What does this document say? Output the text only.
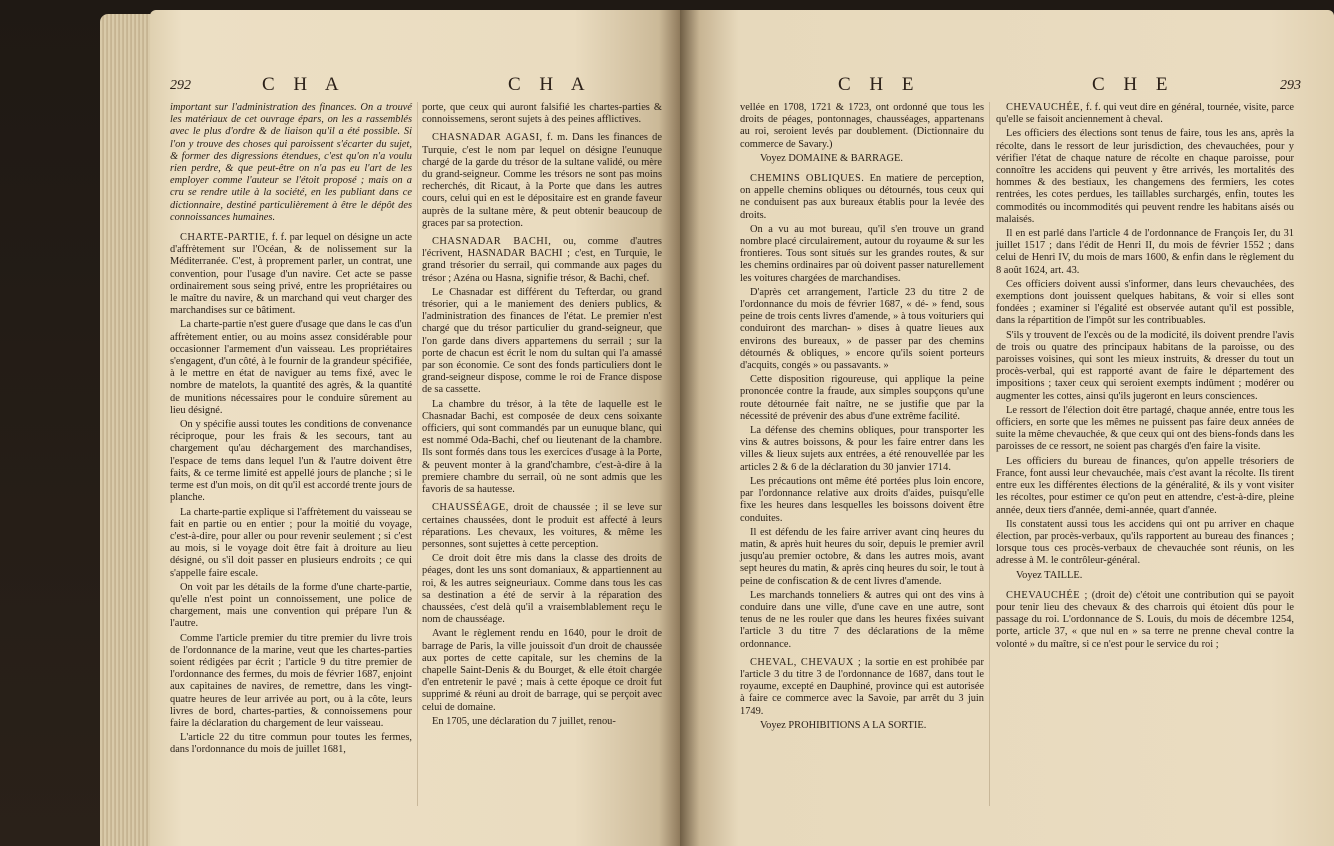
292	C H A	C H A

important sur l'administration des finances. On a trouvé les matériaux de cet ouvrage épars, on les a rassemblés avec le plus d'ordre & de liaison qu'il a été possible. Si l'on y trouve des choses qui paroissent s'écarter du sujet, & former des digressions étendues, c'est qu'on n'a voulu rien perdre, & que peut-être on n'a pas eu l'art de les employer comme l'auteur se l'étoit proposé ; mais on a cru se rendre utile à la société, en les publiant dans ce dictionnaire, destiné particulièrement à être le dépôt des connoissances humaines.

CHARTE-PARTIE, f. f. par lequel on désigne un acte d'affrètement sur l'Océan, & de nolissement sur la Méditerranée. C'est, à proprement parler, un contrat, une convention, pour l'usage d'un navire. Cet acte se passe ordinairement sous seing privé, entre les propriétaires ou le maître du navire, & un marchand qui veut charger des marchandises sur ce bâtiment.

La charte-partie n'est guere d'usage que dans le cas d'un affrètement entier, ou au moins assez considérable pour occasionner l'armement d'un vaisseau. Les propriétaires s'engagent, d'un côté, à le fournir de la grandeur spécifiée, à le mettre en état de naviguer au tems fixé, avec le nombre de matelots, la quantité des agrès, & la quantité de munitions nécessaires pour le conduire sûrement au lieu désigné.

On y spécifie aussi toutes les conditions de convenance réciproque, pour les frais & les secours, tant au chargement qu'au déchargement des marchandises, l'espace de tems dans lequel l'un & l'autre doivent être faits, & ce terme limité est appellé jours de planche ; si le terme est d'un mois, on dit qu'il est accordé trente jours de planche.

La charte-partie explique si l'affrètement du vaisseau se fait en partie ou en entier ; pour la moitié du voyage, c'est-à-dire, pour aller ou pour revenir seulement ; si c'est au mois, si le voyage doit être fait à droiture au lieu désigné, ou s'il doit passer en plusieurs endroits ; ce qui s'appelle faire escale.

On voit par les détails de la forme d'une charte-partie, qu'elle n'est point un connoissement, une police de chargement, mais une convention qui prépare l'un & l'autre.

Comme l'article premier du titre premier du livre trois de l'ordonnance de la marine, veut que les chartes-parties soient rédigées par écrit ; l'article 9 du titre premier de l'ordonnance des fermes, du mois de février 1687, enjoint aux capitaines de navires, de remettre, dans les vingt-quatre heures de leur arrivée au port, ou à la côte, leurs livres de bord, chartes-parties, & connoissemens pour faire la déclaration du chargement de leur vaisseau.

L'article 22 du titre commun pour toutes les fermes, dans l'ordonnance du mois de juillet 1681,

porte, que ceux qui auront falsifié les chartes-parties & connoissemens, seront sujets à des peines afflictives.

CHASNADAR AGASI, f. m. Dans les finances de Turquie, c'est le nom par lequel on désigne l'eunuque chargé de la garde du trésor de la sultane validé, ou mère du grand-seigneur. Comme les trésors ne sont pas moins recherchés, dit Ricaut, à la Porte que dans les autres cours, celui qui en est le dépositaire est en grande faveur auprès de la sultane mère, & peut obtenir beaucoup de graces par sa protection.

CHASNADAR BACHI, ou, comme d'autres l'écrivent, HASNADAR BACHI ; c'est, en Turquie, le grand trésorier du serrail, qui commande aux pages du trésor ; Azéna ou Hasna, signifie trésor, & Bachi, chef.

Le Chasnadar est différent du Tefterdar, ou grand trésorier, qui a le maniement des deniers publics, & l'administration des finances de l'état. Le premier n'est chargé que du trésor particulier du grand-seigneur, que l'on garde dans divers appartemens du serrail ; sur la porte de chacun est écrit le nom du sultan qui l'a amassé par son économie. Ce sont des fonds particuliers dont le grand-seigneur dispose, comme le roi de France dispose de sa cassette.

La chambre du trésor, à la tête de laquelle est le Chasnadar Bachi, est composée de deux cens soixante officiers, qui sont commandés par un eunuque blanc, qui est nommé Oda-Bachi, chef ou lieutenant de la chambre. Ils sont formés dans tous les exercices d'usage à la Porte, & peuvent monter à la grand'chambre, c'est-à-dire à la premiere chambre du serrail, où ne sont admis que les favoris de sa hautesse.

CHAUSSÉAGE, droit de chaussée ; il se leve sur certaines chaussées, dont le produit est affecté à leurs réparations. Les chevaux, les voitures, & même les personnes, sont sujettes à cette perception.

Ce droit doit être mis dans la classe des droits de péages, dont les uns sont domaniaux, & appartiennent au roi, & les autres seigneuriaux. Comme dans tous les cas sa destination a été de servir à la réparation des chaussées, c'est delà qu'il a vraisemblablement reçu le nom de chausséage.

Avant le règlement rendu en 1640, pour le droit de barrage de Paris, la ville jouissoit d'un droit de chaussée aux portes de cette capitale, sur les chemins de la chapelle Saint-Denis & du Bourget, & elle étoit chargée d'en entretenir le pavé ; mais à cette époque ce droit fut supprimé & réuni au droit de barrage, qui se perçoit avec celui de domaine.

En 1705, une déclaration du 7 juillet, renou-

C H E	C H E	293

vellée en 1708, 1721 & 1723, ont ordonné que tous les droits de péages, pontonnages, chausséages, appartenans au roi, seroient levés par doublement. (Dictionnaire du commerce de Savary.)

Voyez DOMAINE & BARRAGE.

CHEMINS OBLIQUES. En matiere de perception, on appelle chemins obliques ou détournés, tous ceux qui ne conduisent pas aux bureaux établis pour la levée des droits.

On a vu au mot bureau, qu'il s'en trouve un grand nombre placé circulairement, autour du royaume & sur les frontieres. Tous sont situés sur les grandes routes, & sur les chemins ordinaires par où doivent passer naturellement les voitures chargées de marchandises.

D'après cet arrangement, l'article 23 du titre 2 de l'ordonnance du mois de février 1687, « dé- » fend, sous peine de trois cents livres d'amende, » à tous voituriers qui conduiront des marchan- » dises à quatre lieues aux environs des bureaux, » de passer par des chemins détournés & obliques, » encore qu'ils soient porteurs d'acquits, congés » ou passavants. »

Cette disposition rigoureuse, qui applique la peine prononcée contre la fraude, aux simples soupçons qu'une route détournée fait naître, ne se justifie que par la nécessité de prévenir des abus d'une extrême facilité.

La défense des chemins obliques, pour transporter les vins & autres boissons, & pour les faire entrer dans les villes & lieux sujets aux entrées, a été renouvellée par les articles 2 & 6 de la déclaration du 30 janvier 1714.

Les précautions ont même été portées plus loin encore, par l'ordonnance relative aux droits d'aides, puisqu'elle fixe les heures dans lesquelles les boissons doivent être conduites.

Il est défendu de les faire arriver avant cinq heures du matin, & après huit heures du soir, depuis le premier avril jusqu'au premier octobre, & dans les autres mois, avant sept heures du matin, & après cinq heures du soir, le tout à peine de confiscation & de cent livres d'amende.

Les marchands tonneliers & autres qui ont des vins à conduire dans une ville, d'une cave en une autre, sont tenus de ne les rouler que dans les heures fixées suivant l'article 3 du titre 7 des déclarations de la même ordonnance.

CHEVAL, CHEVAUX ; la sortie en est prohibée par l'article 3 du titre 3 de l'ordonnance de 1687, dans tout le royaume, excepté en Dauphiné, province qui est autorisée à faire ce commerce avec la Savoie, par arrêt du 3 juin 1749.

Voyez PROHIBITIONS A LA SORTIE.

CHEVAUCHÉE, f. f. qui veut dire en général, tournée, visite, parce qu'elle se faisoit anciennement à cheval.

Les officiers des élections sont tenus de faire, tous les ans, après la récolte, dans le ressort de leur jurisdiction, des chevauchées, pour y vérifier l'état de chaque nature de récolte en chaque paroisse, pour connoître les accidens qui peuvent y être arrivés, les mortalités des hommes & des bestiaux, les changemens des fermiers, les cotes rentrées, les cotes perdues, les taillables surchargés, enfin, toutes les commodités ou incommodités qui peuvent rendre les habitans aisés ou malaisés.

Il en est parlé dans l'article 4 de l'ordonnance de François Ier, du 31 juillet 1517 ; dans l'édit de Henri II, du mois de février 1552 ; dans celui de Henri IV, du mois de mars 1600, & enfin dans le règlement du 8 août 1624, art. 43.

Ces officiers doivent aussi s'informer, dans leurs chevauchées, des exemptions dont jouissent quelques habitans, & voir si elles sont fondées ; examiner si l'égalité est observée autant qu'il est possible, dans la répartition de l'impôt sur les contribuables.

S'ils y trouvent de l'excès ou de la modicité, ils doivent prendre l'avis de trois ou quatre des principaux habitans de la paroisse, ou des paroisses voisines, qui sont les mieux instruits, & dresser du tout un procès-verbal, qui est rapporté avant de faire le département des impositions ; taxer ceux qui seroient exempts indûment ; modérer ou augmenter les cottes, ainsi qu'ils jugeront en leurs consciences.

Le ressort de l'élection doit être partagé, chaque année, entre tous les officiers, en sorte que les mêmes ne puissent pas faire deux années de suite la même chevauchée, & que ceux qui ont des biens-fonds dans les paroisses de ce ressort, ne soient pas chargés d'en faire la visite.

Les officiers du bureau de finances, qu'on appelle trésoriers de France, font aussi leur chevauchée, mais c'est avant la récolte. Ils tirent entre eux les différentes élections de la généralité, & ils y vont visiter les récoltes, pour estimer ce qu'on peut en attendre, c'est-à-dire, pleine année, deux tiers d'année, demi-année, quart d'année.

Ils constatent aussi tous les accidens qui ont pu arriver en chaque élection, par procès-verbaux, qu'ils rapportent au bureau des finances ; lorsque tous ces procès-verbaux de chevauchée sont réunis, on les adresse à M. le contrôleur-général.

Voyez TAILLE.

CHEVAUCHÉE ; (droit de) c'étoit une contribution qui se payoit pour tenir lieu des chevaux & des charrois qui étoient dûs pour le passage du roi. L'ordonnance de S. Louis, du mois de décembre 1254, porte, article 37, « que nul en » sa terre ne prenne cheval contre la volonté » du maître, si ce n'est pour le service du roi ;
